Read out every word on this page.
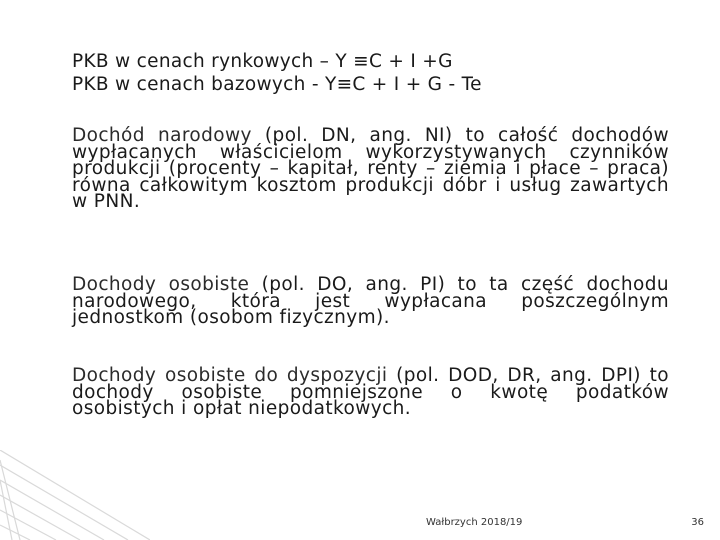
PKB w cenach rynkowych – Y ≡C + I +G
PKB w cenach bazowych - Y≡C + I + G - Te
Dochód narodowy (pol. DN, ang. NI) to całość dochodów wypłacanych właścicielom wykorzystywanych czynników produkcji (procenty – kapitał, renty – ziemia i płace – praca) równa całkowitym kosztom produkcji dóbr i usług zawartych w PNN.
Dochody osobiste (pol. DO, ang. PI) to ta część dochodu narodowego, która jest wypłacana poszczególnym jednostkom (osobom fizycznym).
Dochody osobiste do dyspozycji (pol. DOD, DR, ang. DPI) to dochody osobiste pomniejszone o kwotę podatków osobistych i opłat niepodatkowych.
Wałbrzych 2018/19	36
